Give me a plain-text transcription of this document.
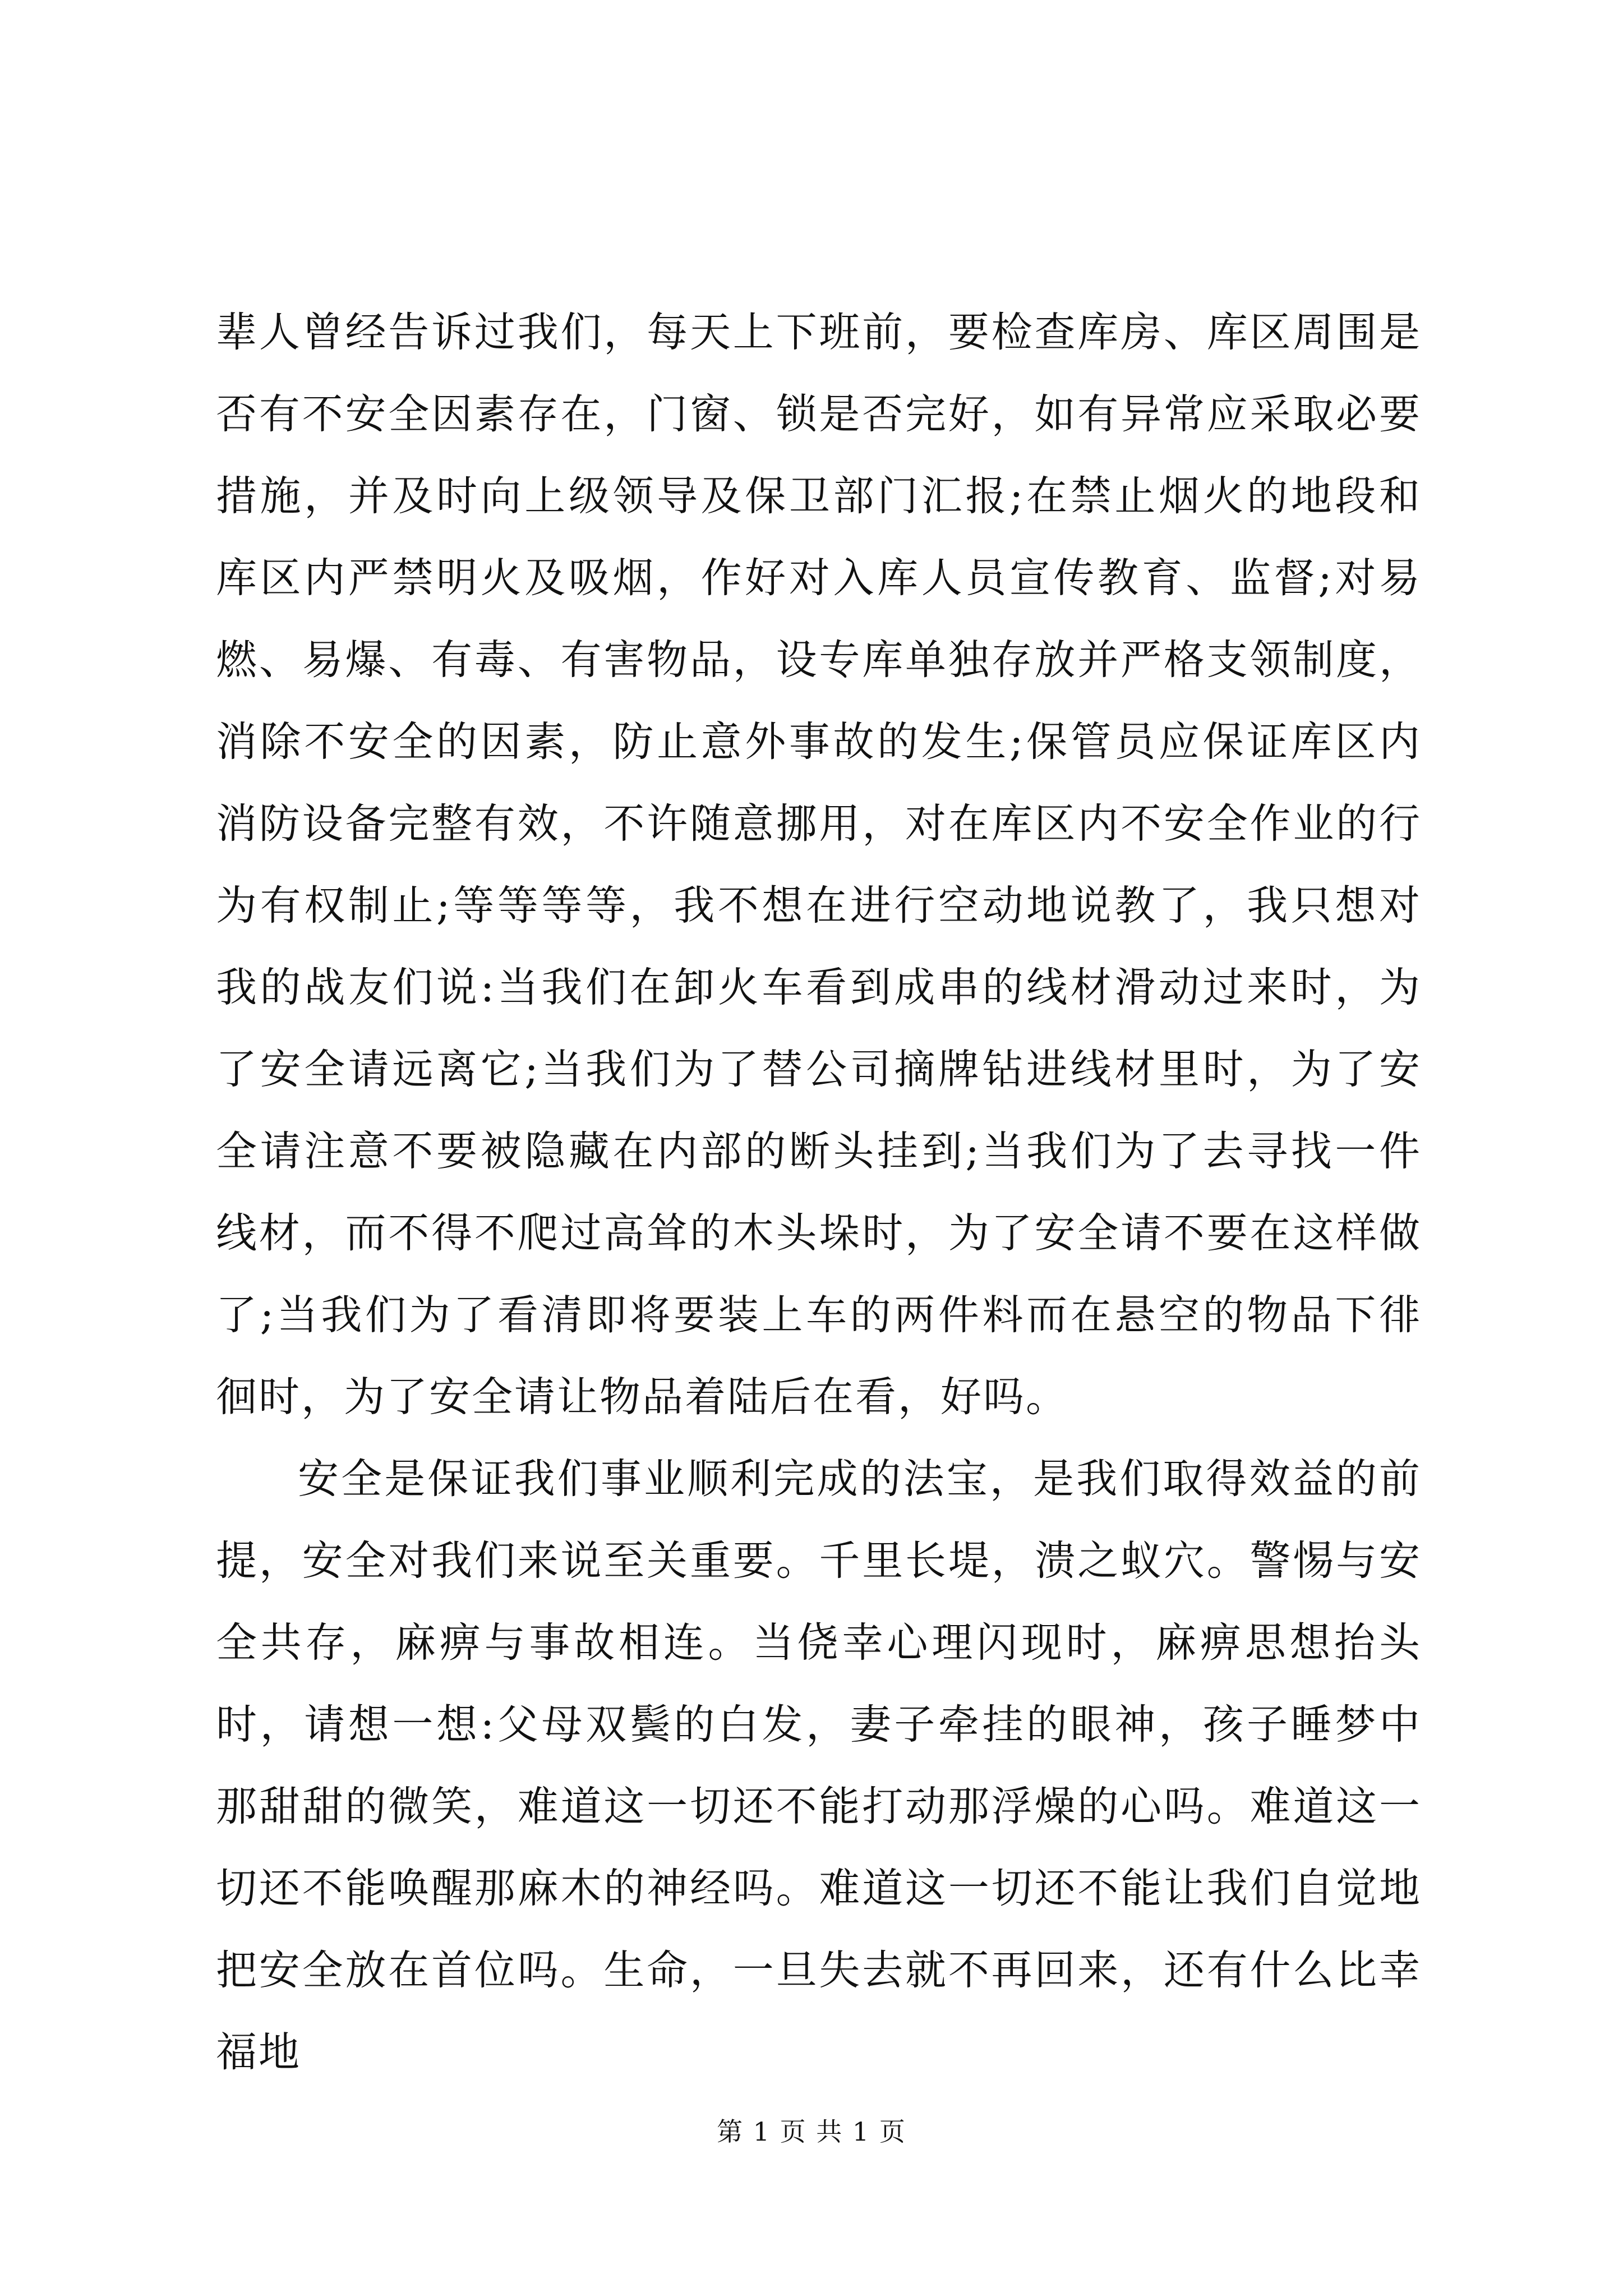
辈人曾经告诉过我们，每天上下班前，要检查库房、库区周围是否有不安全因素存在，门窗、锁是否完好，如有异常应采取必要措施，并及时向上级领导及保卫部门汇报;在禁止烟火的地段和库区内严禁明火及吸烟，作好对入库人员宣传教育、监督;对易燃、易爆、有毒、有害物品，设专库单独存放并严格支领制度，消除不安全的因素，防止意外事故的发生;保管员应保证库区内消防设备完整有效，不许随意挪用，对在库区内不安全作业的行为有权制止;等等等等，我不想在进行空动地说教了，我只想对我的战友们说:当我们在卸火车看到成串的线材滑动过来时，为了安全请远离它;当我们为了替公司摘牌钻进线材里时，为了安全请注意不要被隐藏在内部的断头挂到;当我们为了去寻找一件线材，而不得不爬过高耸的木头垛时，为了安全请不要在这样做了;当我们为了看清即将要装上车的两件料而在悬空的物品下徘徊时，为了安全请让物品着陆后在看，好吗。

安全是保证我们事业顺利完成的法宝，是我们取得效益的前提，安全对我们来说至关重要。千里长堤，溃之蚁穴。警惕与安全共存，麻痹与事故相连。当侥幸心理闪现时，麻痹思想抬头时，请想一想:父母双鬓的白发，妻子牵挂的眼神，孩子睡梦中那甜甜的微笑，难道这一切还不能打动那浮燥的心吗。难道这一切还不能唤醒那麻木的神经吗。难道这一切还不能让我们自觉地把安全放在首位吗。生命，一旦失去就不再回来，还有什么比幸福地

第 1 页 共 1 页
